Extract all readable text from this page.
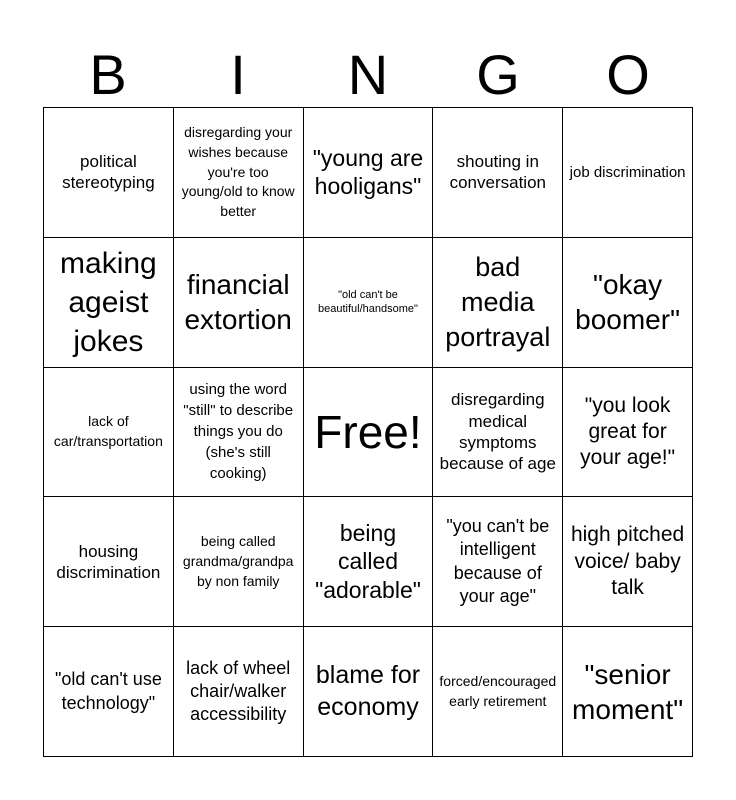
B	I	N	G	O
political stereotyping
disregarding your wishes because you're too young/old to know better
"young are hooligans"
shouting in conversation
job discrimination
making ageist jokes
financial extortion
"old can't be beautiful/handsome"
bad media portrayal
"okay boomer"
lack of car/transportation
using the word "still" to describe things you do (she's still cooking)
Free!
disregarding medical symptoms because of age
"you look great for your age!"
housing discrimination
being called grandma/grandpa by non family
being called "adorable"
"you can't be intelligent because of your age"
high pitched voice/ baby talk
"old can't use technology"
lack of wheel chair/walker accessibility
blame for economy
forced/encouraged early retirement
"senior moment"
